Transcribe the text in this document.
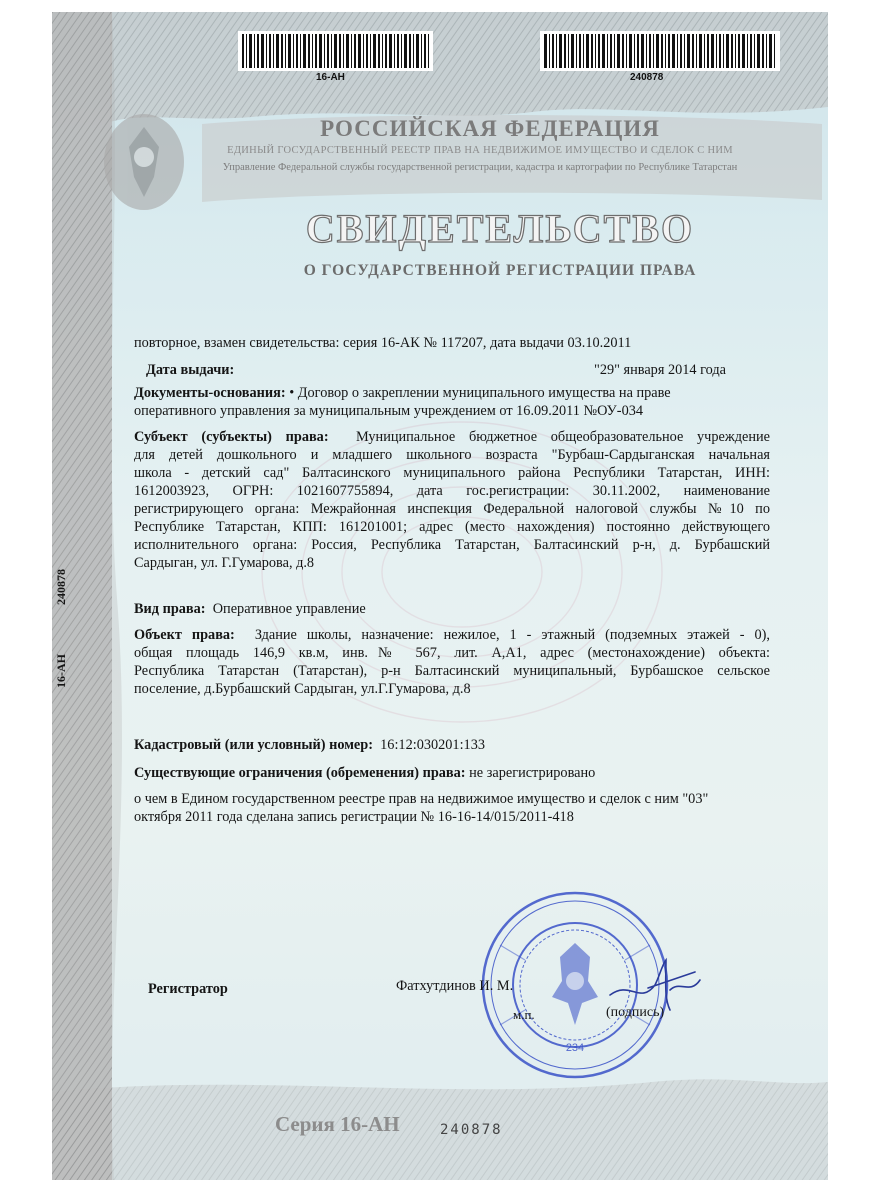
16-АН	240878
РОССИЙСКАЯ ФЕДЕРАЦИЯ
ЕДИНЫЙ ГОСУДАРСТВЕННЫЙ РЕЕСТР ПРАВ НА НЕДВИЖИМОЕ ИМУЩЕСТВО И СДЕЛОК С НИМ
Управление Федеральной службы государственной регистрации, кадастра и картографии по Республике Татарстан
СВИДЕТЕЛЬСТВО
О ГОСУДАРСТВЕННОЙ РЕГИСТРАЦИИ ПРАВА
16-АН
240878
повторное, взамен свидетельства: серия 16-АК № 117207, дата выдачи 03.10.2011
Дата выдачи:	"29" января 2014 года
Документы-основания: • Договор о закреплении муниципального имущества на праве
оперативного управления за муниципальным учреждением от 16.09.2011 №ОУ-034
Субъект (субъекты) права: Муниципальное бюджетное общеобразовательное учреждение
для детей дошкольного и младшего школьного возраста "Бурбаш-Сардыганская начальная
школа - детский сад" Балтасинского муниципального района Республики Татарстан, ИНН:
1612003923, ОГРН: 1021607755894, дата гос.регистрации: 30.11.2002, наименование
регистрирующего органа: Межрайонная инспекция Федеральной налоговой службы №10 по
Республике Татарстан, КПП: 161201001; адрес (место нахождения) постоянно действующего
исполнительного органа: Россия, Республика Татарстан, Балтасинский р-н, д. Бурбашский
Сардыган, ул. Г.Гумарова, д.8
Вид права: Оперативное управление
Объект права: Здание школы, назначение: нежилое, 1 - этажный (подземных этажей - 0),
общая площадь 146,9 кв.м, инв.№ 567, лит. А,А1, адрес (местонахождение) объекта:
Республика Татарстан (Татарстан), р-н Балтасинский муниципальный, Бурбашское сельское
поселение, д.Бурбашский Сардыган, ул.Г.Гумарова, д.8
Кадастровый (или условный) номер: 16:12:030201:133
Существующие ограничения (обременения) права: не зарегистрировано
о чем в Едином государственном реестре прав на недвижимое имущество и сделок с ним "03"
октября 2011 года сделана запись регистрации № 16-16-14/015/2011-418
234
Регистратор	Фатхутдинов И. М.
м.п.	(подпись)
Серия 16-АН	240878
